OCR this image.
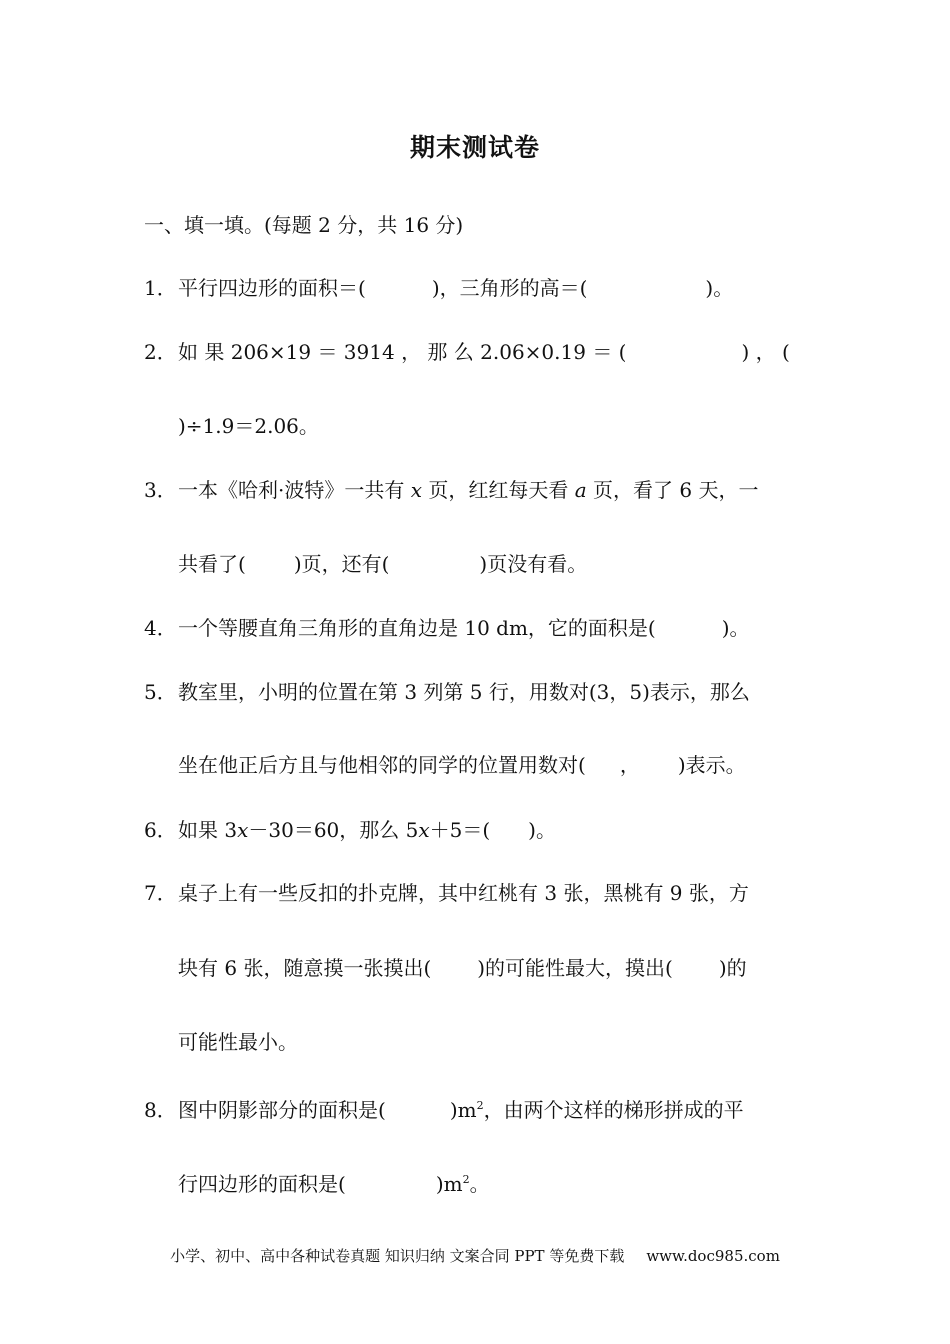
期末测试卷
一、填一填。(每题 2 分，共 16 分)
1．平行四边形的面积＝(	)，三角形的高＝(	)。
2．如 果 206×19 ＝ 3914 ， 那 么 2.06×0.19 ＝ (	) ， (
)÷1.9＝2.06。
3．一本《哈利·波特》一共有 x 页，红红每天看 a 页，看了 6 天，一
共看了( )页，还有(	)页没有看。
4．一个等腰直角三角形的直角边是 10 dm，它的面积是(	)。
5．教室里，小明的位置在第 3 列第 5 行，用数对(3，5)表示，那么
坐在他正后方且与他相邻的同学的位置用数对( ， )表示。
6．如果 3x－30＝60，那么 5x＋5＝( )。
7．桌子上有一些反扣的扑克牌，其中红桃有 3 张，黑桃有 9 张，方
块有 6 张，随意摸一张摸出( )的可能性最大，摸出( )的
可能性最小。
8．图中阴影部分的面积是(	)$m^2$，由两个这样的梯形拼成的平
行四边形的面积是(	)$m^2$。
小学、初中、高中各种试卷真题 知识归纳 文案合同 PPT 等免费下载 www.doc985.com
